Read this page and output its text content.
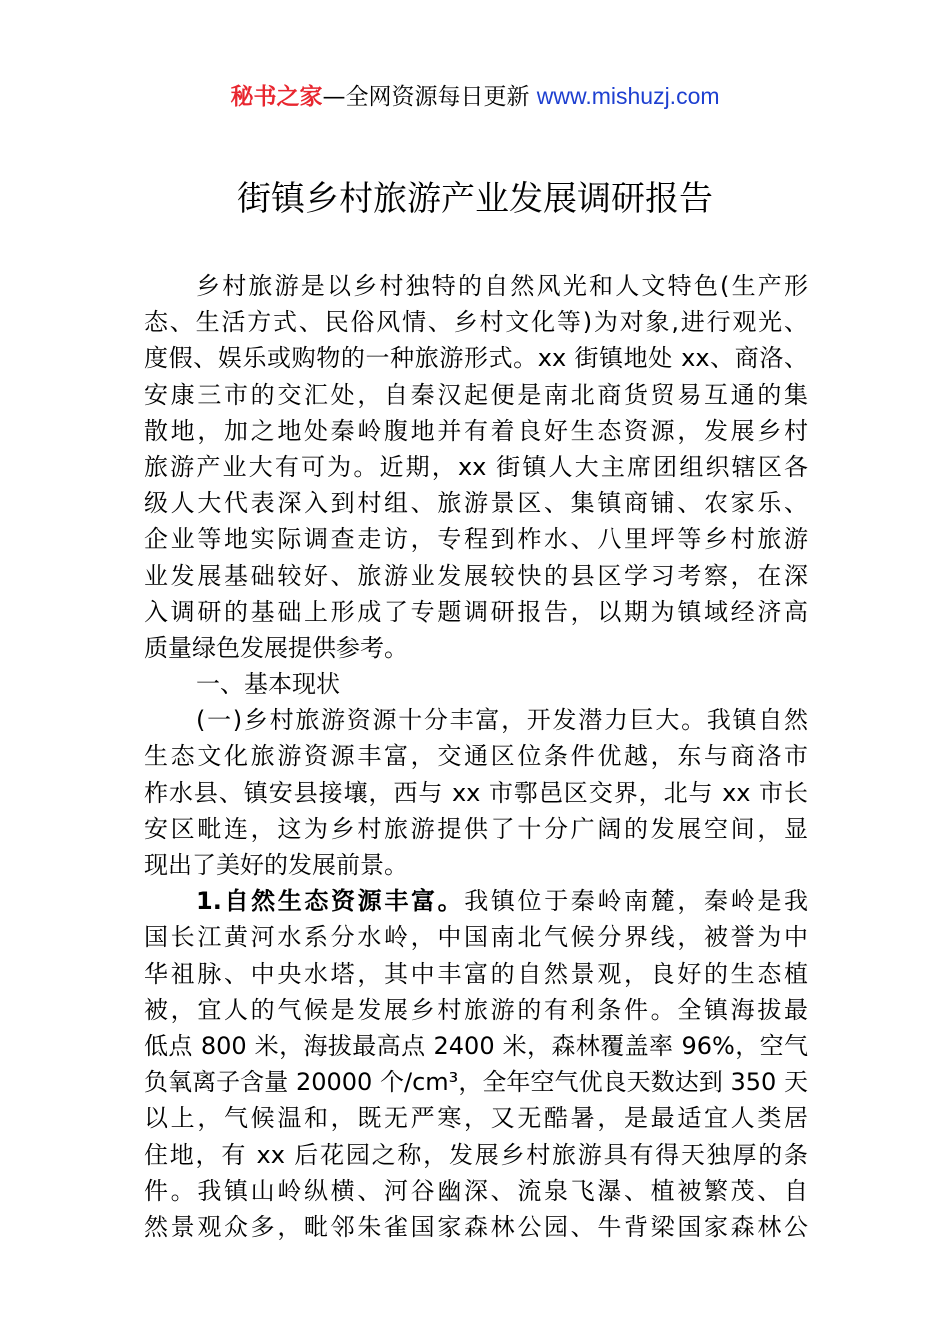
秘书之家—全网资源每日更新 www.mishuzj.com
街镇乡村旅游产业发展调研报告
乡村旅游是以乡村独特的自然风光和人文特色(生产形
态、生活方式、民俗风情、乡村文化等)为对象,进行观光、
度假、娱乐或购物的一种旅游形式。xx 街镇地处 xx、商洛、
安康三市的交汇处，自秦汉起便是南北商货贸易互通的集
散地，加之地处秦岭腹地并有着良好生态资源，发展乡村
旅游产业大有可为。近期，xx 街镇人大主席团组织辖区各
级人大代表深入到村组、旅游景区、集镇商铺、农家乐、
企业等地实际调查走访，专程到柞水、八里坪等乡村旅游
业发展基础较好、旅游业发展较快的县区学习考察，在深
入调研的基础上形成了专题调研报告，以期为镇域经济高
质量绿色发展提供参考。
一、基本现状
(一)乡村旅游资源十分丰富，开发潜力巨大。我镇自然
生态文化旅游资源丰富，交通区位条件优越，东与商洛市
柞水县、镇安县接壤，西与 xx 市鄠邑区交界，北与 xx 市长
安区毗连，这为乡村旅游提供了十分广阔的发展空间，显
现出了美好的发展前景。
1.自然生态资源丰富。我镇位于秦岭南麓，秦岭是我
国长江黄河水系分水岭，中国南北气候分界线，被誉为中
华祖脉、中央水塔，其中丰富的自然景观，良好的生态植
被，宜人的气候是发展乡村旅游的有利条件。全镇海拔最
低点 800 米，海拔最高点 2400 米，森林覆盖率 96%，空气
负氧离子含量 20000 个/cm³，全年空气优良天数达到 350 天
以上，气候温和，既无严寒，又无酷暑，是最适宜人类居
住地，有 xx 后花园之称，发展乡村旅游具有得天独厚的条
件。我镇山岭纵横、河谷幽深、流泉飞瀑、植被繁茂、自
然景观众多，毗邻朱雀国家森林公园、牛背梁国家森林公
